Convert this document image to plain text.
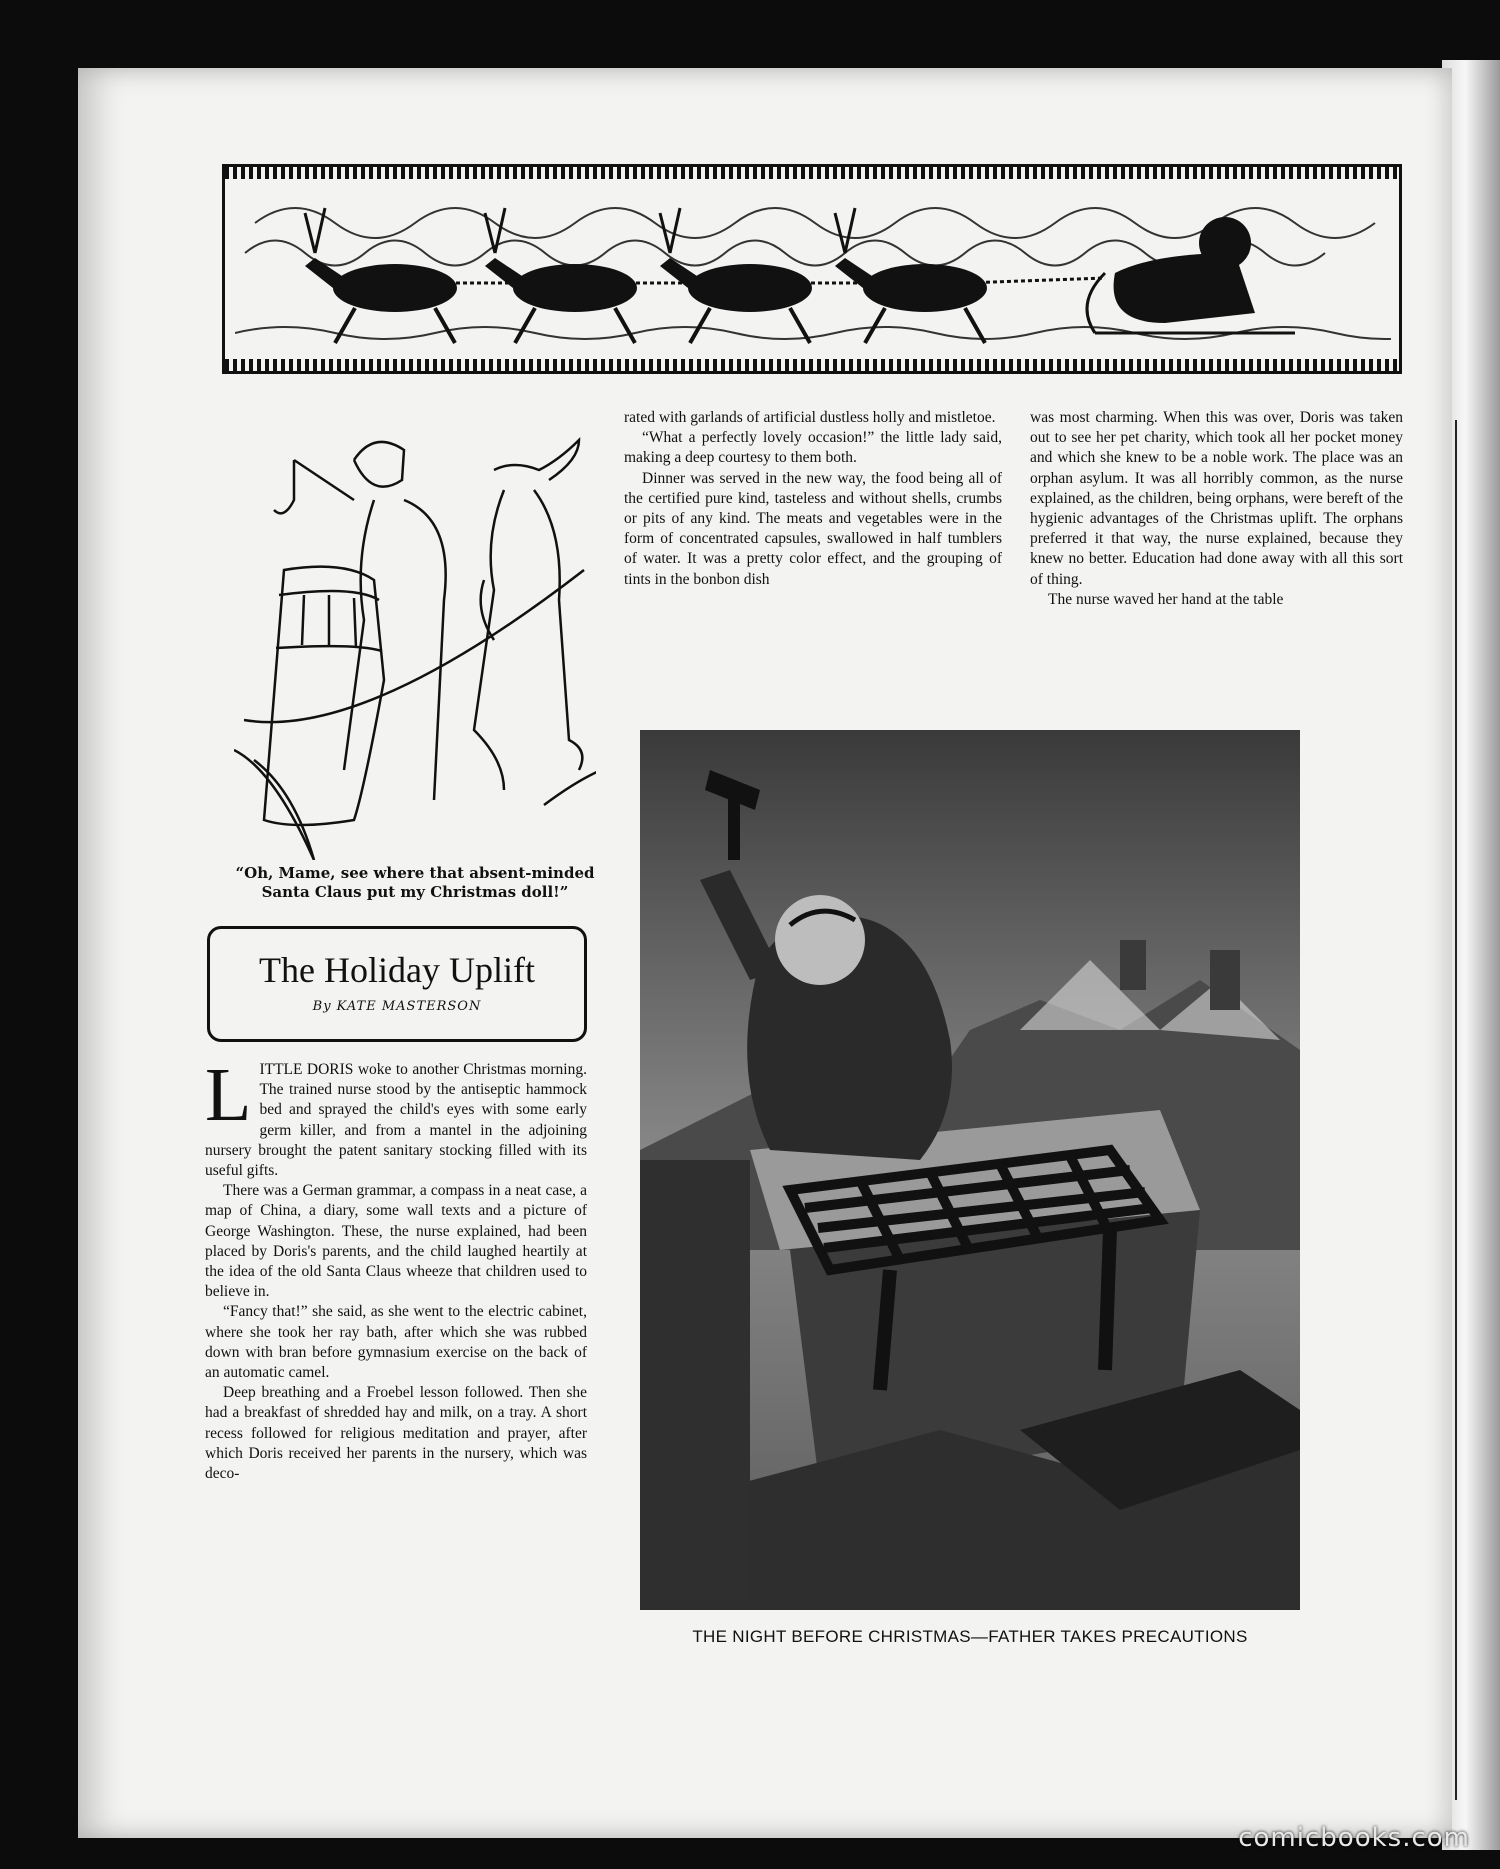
“Oh, Mame, see where that absent-minded
Santa Claus put my Christmas doll!”
The Holiday Uplift
By KATE MASTERSON

LITTLE DORIS woke to another Christmas morning. The trained nurse stood by the antiseptic hammock bed and sprayed the child's eyes with some early germ killer, and from a mantel in the adjoining nursery brought the patent sanitary stocking filled with its useful gifts.

There was a German grammar, a compass in a neat case, a map of China, a diary, some wall texts and a picture of George Washington. These, the nurse explained, had been placed by Doris's parents, and the child laughed heartily at the idea of the old Santa Claus wheeze that children used to believe in.

“Fancy that!” she said, as she went to the electric cabinet, where she took her ray bath, after which she was rubbed down with bran before gymnasium exercise on the back of an automatic camel.

Deep breathing and a Froebel lesson followed. Then she had a breakfast of shredded hay and milk, on a tray. A short recess followed for religious meditation and prayer, after which Doris received her parents in the nursery, which was deco-

rated with garlands of artificial dustless holly and mistletoe.

“What a perfectly lovely occasion!” the little lady said, making a deep courtesy to them both.

Dinner was served in the new way, the food being all of the certified pure kind, tasteless and without shells, crumbs or pits of any kind. The meats and vegetables were in the form of concentrated capsules, swallowed in half tumblers of water. It was a pretty color effect, and the grouping of tints in the bonbon dish

was most charming. When this was over, Doris was taken out to see her pet charity, which took all her pocket money and which she knew to be a noble work. The place was an orphan asylum. It was all horribly common, as the nurse explained, as the children, being orphans, were bereft of the hygienic advantages of the Christmas uplift. The orphans preferred it that way, the nurse explained, because they knew no better. Education had done away with all this sort of thing.

The nurse waved her hand at the table

THE NIGHT BEFORE CHRISTMAS—FATHER TAKES PRECAUTIONS
comicbooks.com
